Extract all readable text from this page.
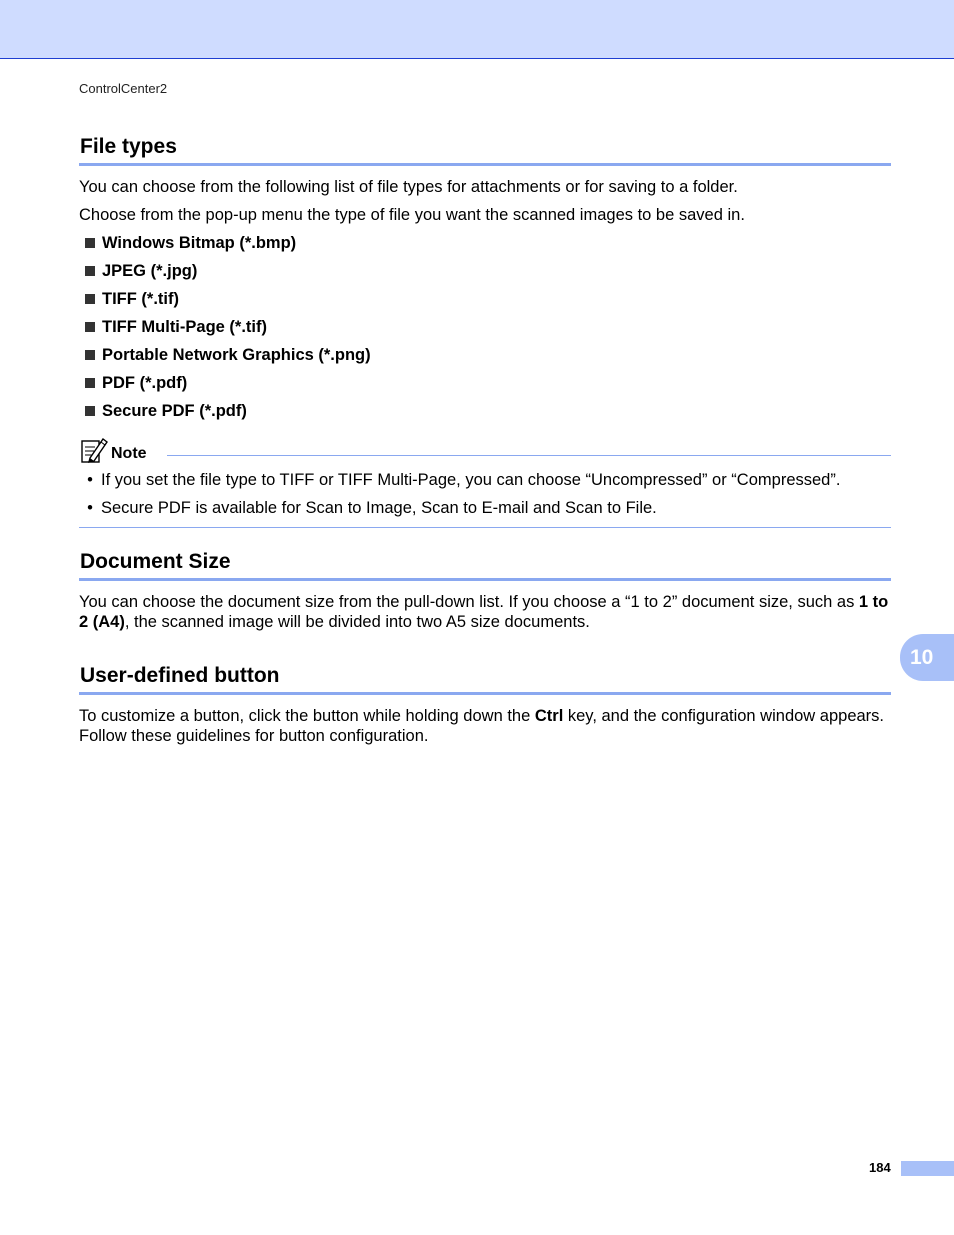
ControlCenter2
File types

You can choose from the following list of file types for attachments or for saving to a folder.

Choose from the pop-up menu the type of file you want the scanned images to be saved in.

Windows Bitmap (*.bmp)
JPEG (*.jpg)
TIFF (*.tif)
TIFF Multi-Page (*.tif)
Portable Network Graphics (*.png)
PDF (*.pdf)
Secure PDF (*.pdf)
Note
• If you set the file type to TIFF or TIFF Multi-Page, you can choose “Uncompressed” or “Compressed”.
• Secure PDF is available for Scan to Image, Scan to E-mail and Scan to File.
Document Size

You can choose the document size from the pull-down list. If you choose a “1 to 2” document size, such as 1 to 2 (A4), the scanned image will be divided into two A5 size documents.

User-defined button

To customize a button, click the button while holding down the Ctrl key, and the configuration window appears. Follow these guidelines for button configuration.

10
184
